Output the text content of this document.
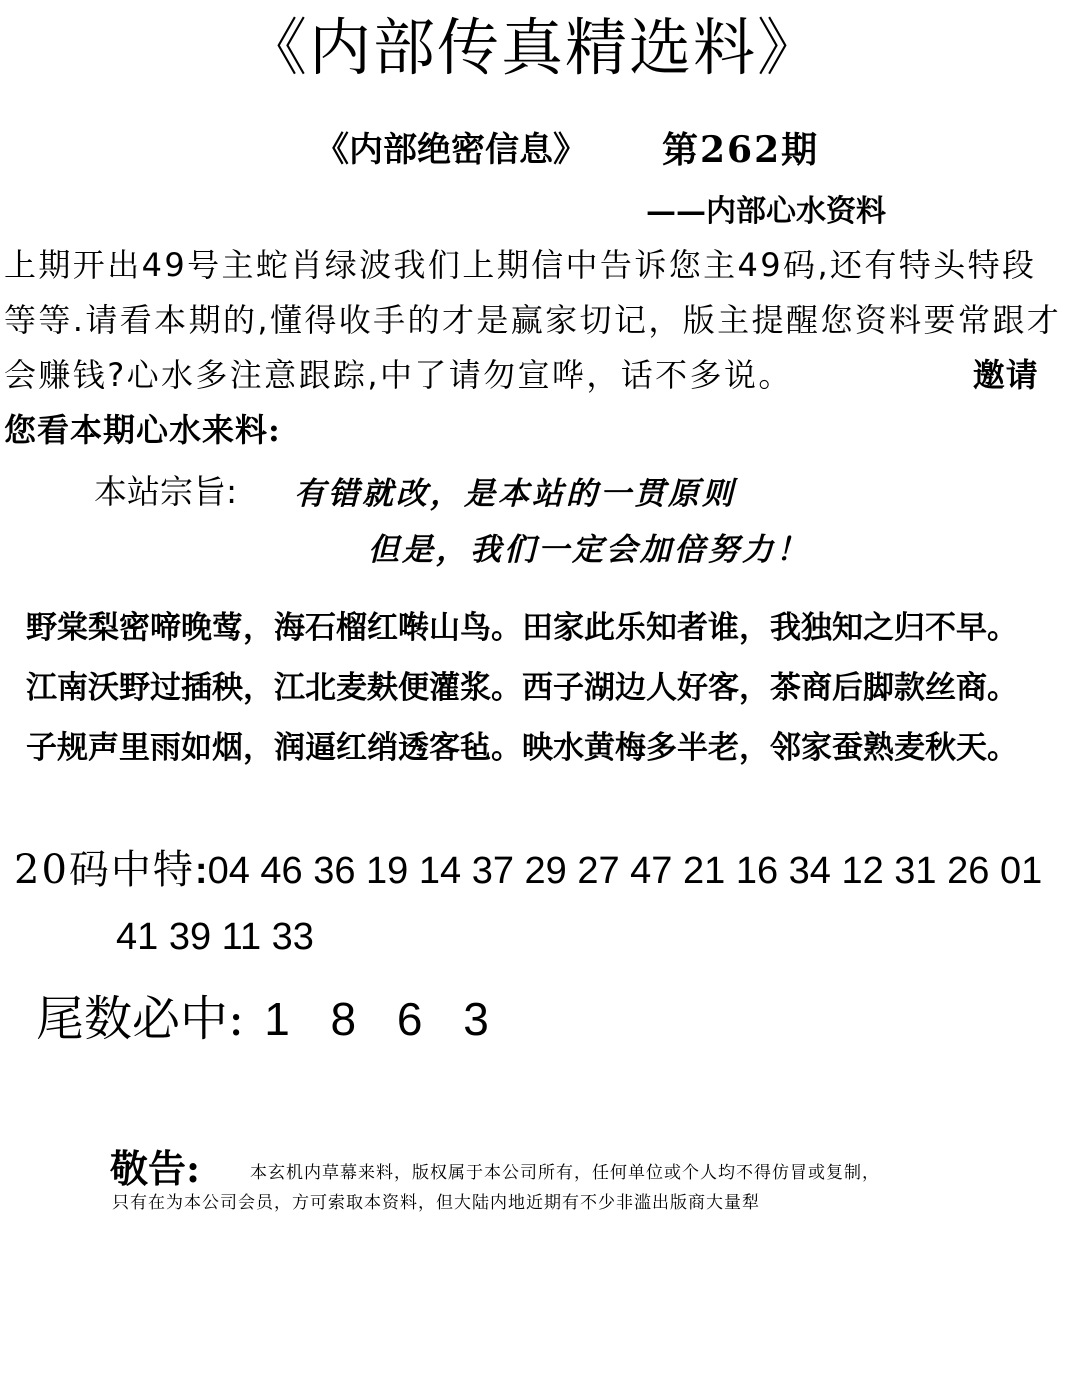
《内部传真精选料》
《内部绝密信息》 第262期
——内部心水资料
上期开出49号主蛇肖绿波我们上期信中告诉您主49码,还有特头特段等等.请看本期的,懂得收手的才是赢家切记，版主提醒您资料要常跟才会赚钱?心水多注意跟踪,中了请勿宣哗，话不多说。	邀请您看本期心水来料:
本站宗旨: 有错就改，是本站的一贯原则
但是，我们一定会加倍努力！
野棠梨密啼晚莺，海石榴红啭山鸟。田家此乐知者谁，我独知之归不早。
江南沃野过插秧，江北麦麸便灌浆。西子湖边人好客，茶商后脚款丝商。
子规声里雨如烟，润逼红绡透客毡。映水黄梅多半老，邻家蚕熟麦秋天。
20码中特:04 46 36 19 14 37 29 27 47 21 16 34 12 31 26 01
41 39 11 33
尾数必中: 1 8 6 3
敬告:	本玄机内草幕来料，版权属于本公司所有，任何单位或个人均不得仿冒或复制，
只有在为本公司会员，方可索取本资料，但大陆内地近期有不少非滥出版商大量犁
